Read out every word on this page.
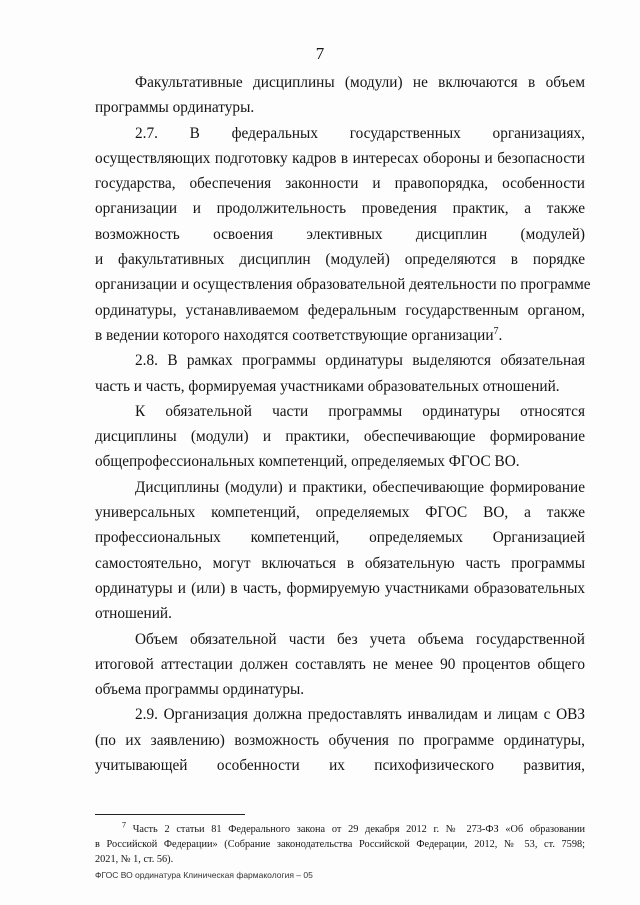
7
Факультативные дисциплины (модули) не включаются в объем
программы ординатуры.
2.7. В федеральных государственных организациях,
осуществляющих подготовку кадров в интересах обороны и безопасности
государства, обеспечения законности и правопорядка, особенности
организации и продолжительность проведения практик, а также
возможность освоения элективных дисциплин (модулей)
и факультативных дисциплин (модулей) определяются в порядке
организации и осуществления образовательной деятельности по программе
ординатуры, устанавливаемом федеральным государственным органом,
в ведении которого находятся соответствующие организации$^7$.
2.8. В рамках программы ординатуры выделяются обязательная
часть и часть, формируемая участниками образовательных отношений.
К обязательной части программы ординатуры относятся
дисциплины (модули) и практики, обеспечивающие формирование
общепрофессиональных компетенций, определяемых ФГОС ВО.
Дисциплины (модули) и практики, обеспечивающие формирование
универсальных компетенций, определяемых ФГОС ВО, а также
профессиональных компетенций, определяемых Организацией
самостоятельно, могут включаться в обязательную часть программы
ординатуры и (или) в часть, формируемую участниками образовательных
отношений.
Объем обязательной части без учета объема государственной
итоговой аттестации должен составлять не менее 90 процентов общего
объема программы ординатуры.
2.9. Организация должна предоставлять инвалидам и лицам с ОВЗ
(по их заявлению) возможность обучения по программе ординатуры,
учитывающей особенности их психофизического развития,
$^7$ Часть 2 статьи 81 Федерального закона от 29 декабря 2012 г. № 273-ФЗ «Об образовании
в Российской Федерации» (Собрание законодательства Российской Федерации, 2012, № 53, ст. 7598;
2021, № 1, ст. 56).
ФГОС ВО ординатура Клиническая фармакология – 05
